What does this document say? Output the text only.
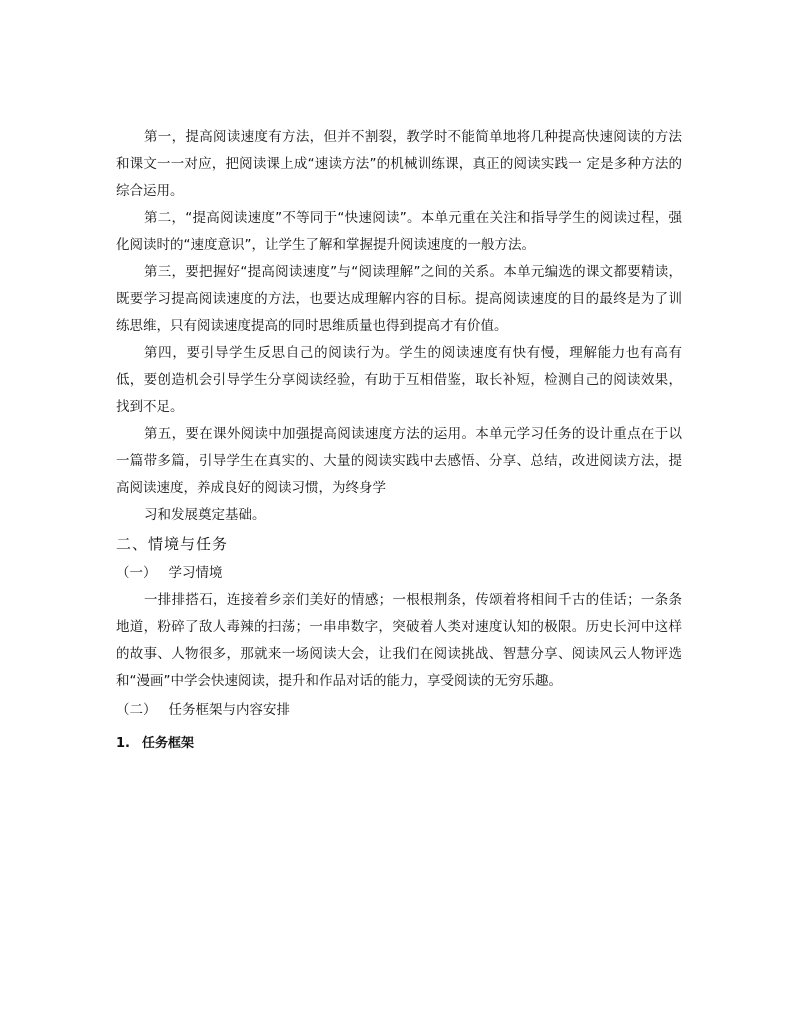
第一，提高阅读速度有方法，但并不割裂，教学时不能简单地将几种提高快速阅读的方法和课文一一对应，把阅读课上成“速读方法”的机械训练课，真正的阅读实践一 定是多种方法的综合运用。

第二，“提高阅读速度”不等同于“快速阅读”。本单元重在关注和指导学生的阅读过程，强化阅读时的“速度意识”，让学生了解和掌握提升阅读速度的一般方法。

第三，要把握好“提高阅读速度”与“阅读理解”之间的关系。本单元编选的课文都要精读，既要学习提高阅读速度的方法，也要达成理解内容的目标。提高阅读速度的目的最终是为了训练思维，只有阅读速度提高的同时思维质量也得到提高才有价值。

第四，要引导学生反思自己的阅读行为。学生的阅读速度有快有慢，理解能力也有高有低，要创造机会引导学生分享阅读经验，有助于互相借鉴，取长补短，检测自己的阅读效果，找到不足。

第五，要在课外阅读中加强提高阅读速度方法的运用。本单元学习任务的设计重点在于以一篇带多篇，引导学生在真实的、大量的阅读实践中去感悟、分享、总结，改进阅读方法，提高阅读速度，养成良好的阅读习惯，为终身学

习和发展奠定基础。

二、情境与任务
（一） 学习情境

一排排搭石，连接着乡亲们美好的情感；一根根荆条，传颂着将相间千古的佳话；一条条地道，粉碎了敌人毒辣的扫荡；一串串数字，突破着人类对速度认知的极限。历史长河中这样的故事、人物很多，那就来一场阅读大会，让我们在阅读挑战、智慧分享、阅读风云人物评选和“漫画”中学会快速阅读，提升和作品对话的能力，享受阅读的无穷乐趣。

（二） 任务框架与内容安排
1. 任务框架
